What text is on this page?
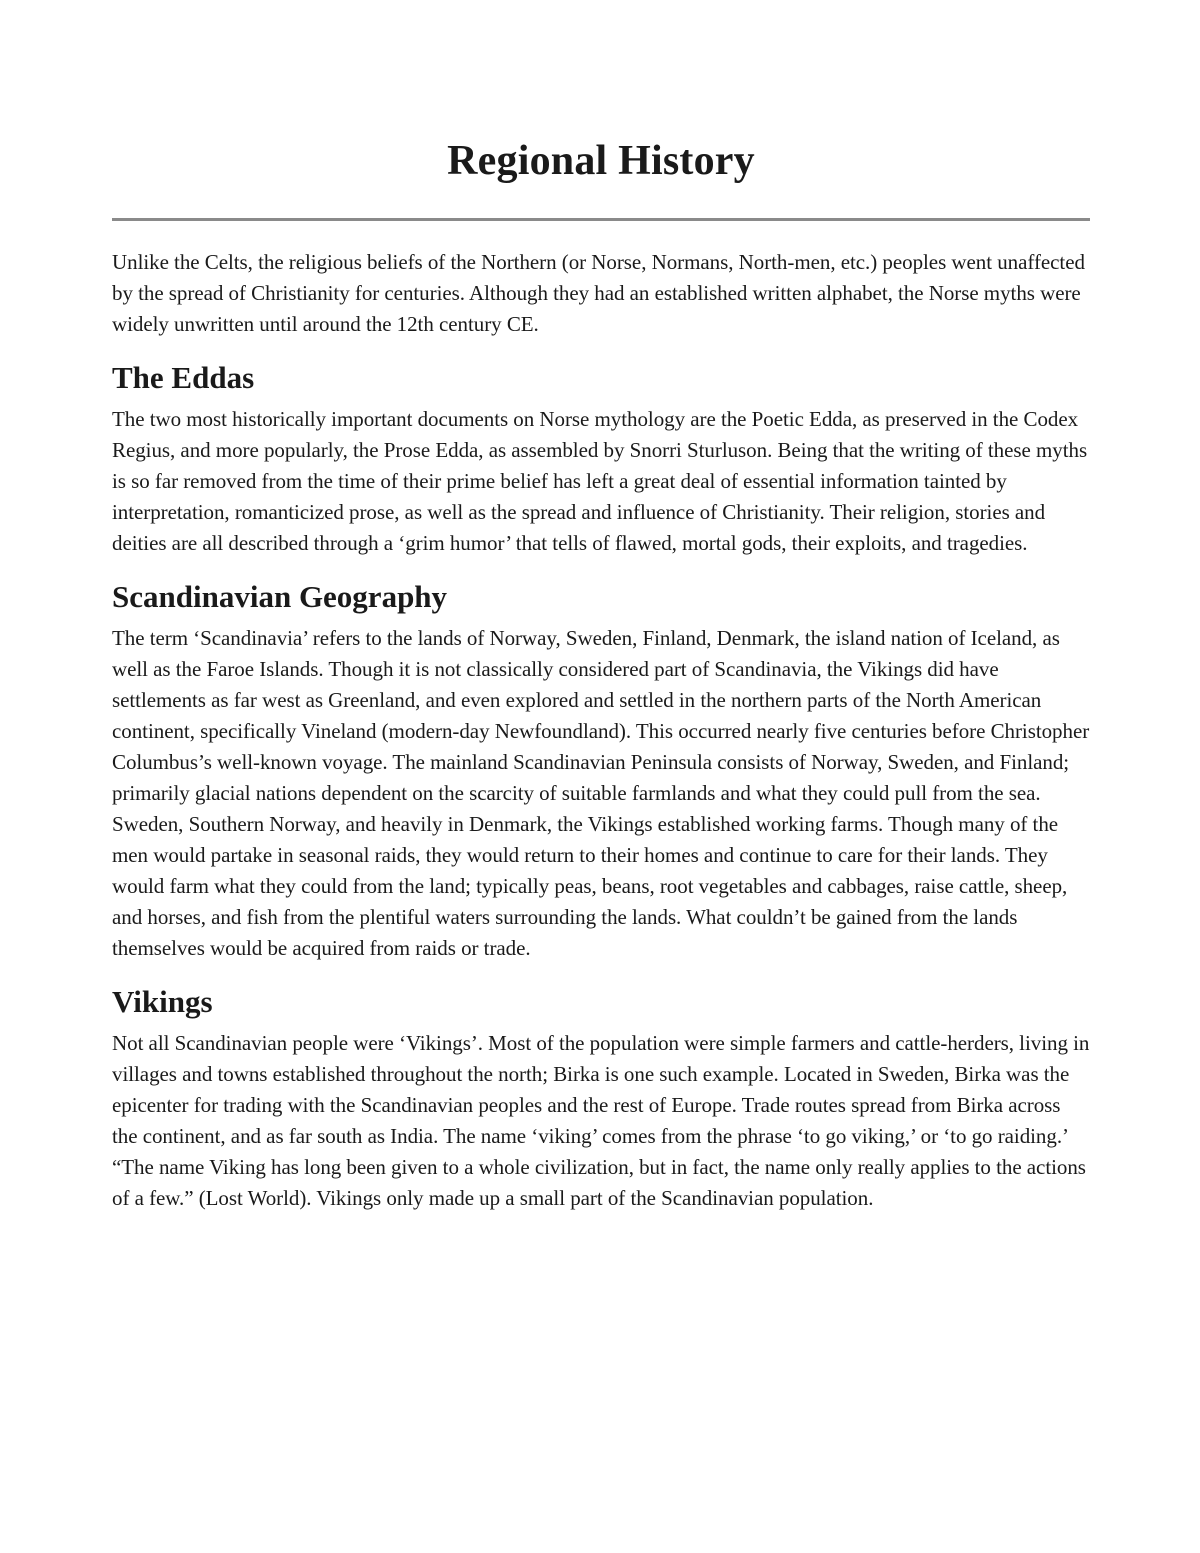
Regional History

Unlike the Celts, the religious beliefs of the Northern (or Norse, Normans, North-men, etc.) peoples went unaffected by the spread of Christianity for centuries. Although they had an established written alphabet, the Norse myths were widely unwritten until around the 12th century CE.

The Eddas

The two most historically important documents on Norse mythology are the Poetic Edda, as preserved in the Codex Regius, and more popularly, the Prose Edda, as assembled by Snorri Sturluson. Being that the writing of these myths is so far removed from the time of their prime belief has left a great deal of essential information tainted by interpretation, romanticized prose, as well as the spread and influence of Christianity. Their religion, stories and deities are all described through a ‘grim humor’ that tells of flawed, mortal gods, their exploits, and tragedies.

Scandinavian Geography

The term ‘Scandinavia’ refers to the lands of Norway, Sweden, Finland, Denmark, the island nation of Iceland, as well as the Faroe Islands. Though it is not classically considered part of Scandinavia, the Vikings did have settlements as far west as Greenland, and even explored and settled in the northern parts of the North American continent, specifically Vineland (modern-day Newfoundland). This occurred nearly five centuries before Christopher Columbus’s well-known voyage. The mainland Scandinavian Peninsula consists of Norway, Sweden, and Finland; primarily glacial nations dependent on the scarcity of suitable farmlands and what they could pull from the sea. Sweden, Southern Norway, and heavily in Denmark, the Vikings established working farms. Though many of the men would partake in seasonal raids, they would return to their homes and continue to care for their lands. They would farm what they could from the land; typically peas, beans, root vegetables and cabbages, raise cattle, sheep, and horses, and fish from the plentiful waters surrounding the lands. What couldn’t be gained from the lands themselves would be acquired from raids or trade.

Vikings

Not all Scandinavian people were ‘Vikings’. Most of the population were simple farmers and cattle-herders, living in villages and towns established throughout the north; Birka is one such example. Located in Sweden, Birka was the epicenter for trading with the Scandinavian peoples and the rest of Europe. Trade routes spread from Birka across the continent, and as far south as India. The name ‘viking’ comes from the phrase ‘to go viking,’ or ‘to go raiding.’ “The name Viking has long been given to a whole civilization, but in fact, the name only really applies to the actions of a few.” (Lost World). Vikings only made up a small part of the Scandinavian population.
